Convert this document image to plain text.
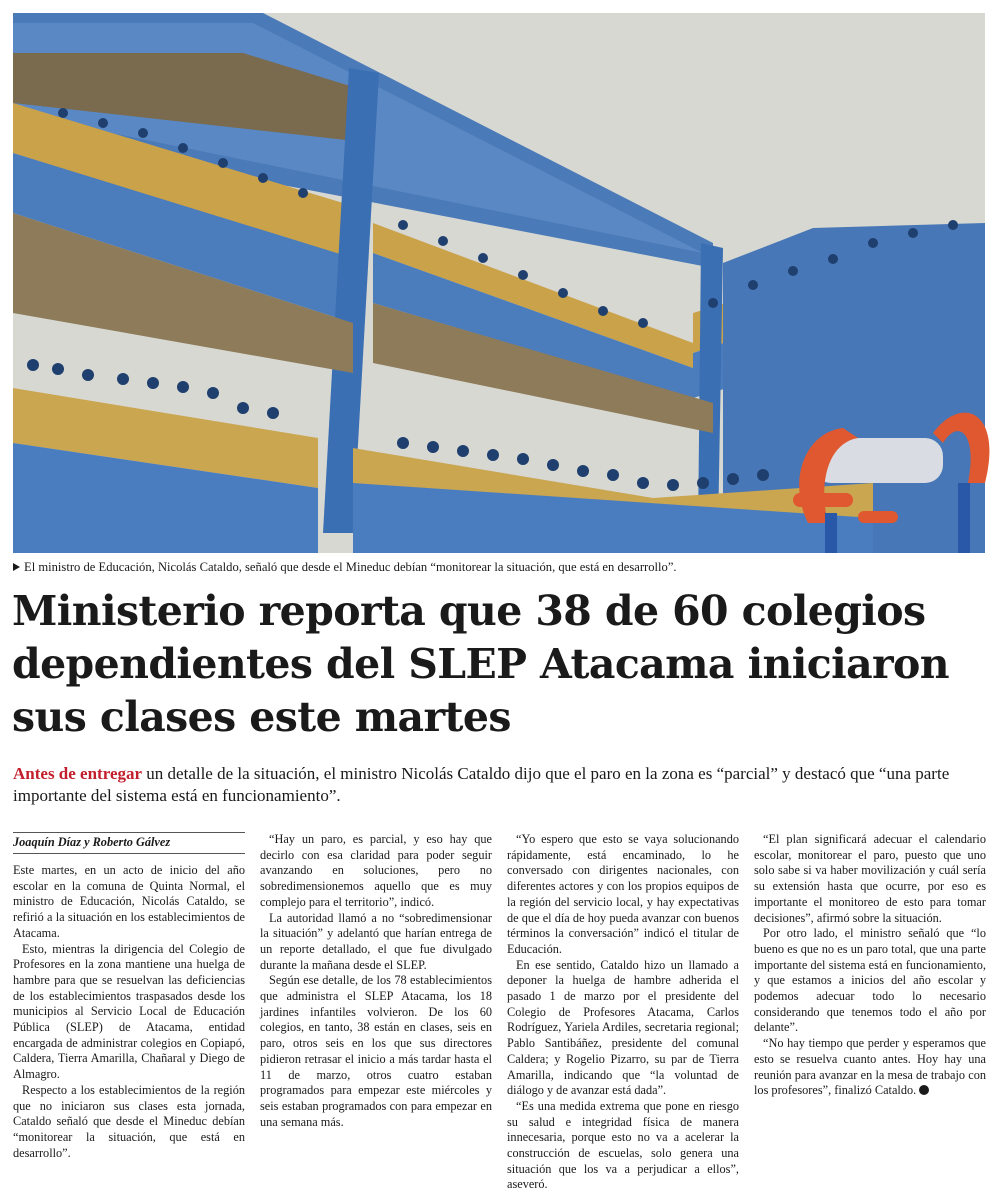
El ministro de Educación, Nicolás Cataldo, señaló que desde el Mineduc debían “monitorear la situación, que está en desarrollo”.
Ministerio reporta que 38 de 60 colegios dependientes del SLEP Atacama iniciaron sus clases este martes
Antes de entregar un detalle de la situación, el ministro Nicolás Cataldo dijo que el paro en la zona es “parcial” y destacó que “una parte importante del sistema está en funcionamiento”.
Joaquín Díaz y Roberto Gálvez

Este martes, en un acto de inicio del año escolar en la comuna de Quinta Normal, el ministro de Educación, Nicolás Cataldo, se refirió a la situación en los establecimientos de Atacama.

Esto, mientras la dirigencia del Colegio de Profesores en la zona mantiene una huelga de hambre para que se resuelvan las deficiencias de los establecimientos traspasados desde los municipios al Servicio Local de Educación Pública (SLEP) de Atacama, entidad encargada de administrar colegios en Copiapó, Caldera, Tierra Amarilla, Chañaral y Diego de Almagro.

Respecto a los establecimientos de la región que no iniciaron sus clases esta jornada, Cataldo señaló que desde el Mineduc debían “monitorear la situación, que está en desarrollo”.

“Hay un paro, es parcial, y eso hay que decirlo con esa claridad para poder seguir avanzando en soluciones, pero no sobredimensionemos aquello que es muy complejo para el territorio”, indicó.

La autoridad llamó a no “sobredimensionar la situación” y adelantó que harían entrega de un reporte detallado, el que fue divulgado durante la mañana desde el SLEP.

Según ese detalle, de los 78 establecimientos que administra el SLEP Atacama, los 18 jardines infantiles volvieron. De los 60 colegios, en tanto, 38 están en clases, seis en paro, otros seis en los que sus directores pidieron retrasar el inicio a más tardar hasta el 11 de marzo, otros cuatro estaban programados para empezar este miércoles y seis estaban programados con para empezar en una semana más.

“Yo espero que esto se vaya solucionando rápidamente, está encaminado, lo he conversado con dirigentes nacionales, con diferentes actores y con los propios equipos de la región del servicio local, y hay expectativas de que el día de hoy pueda avanzar con buenos términos la conversación” indicó el titular de Educación.

En ese sentido, Cataldo hizo un llamado a deponer la huelga de hambre adherida el pasado 1 de marzo por el presidente del Colegio de Profesores Atacama, Carlos Rodríguez, Yariela Ardiles, secretaria regional; Pablo Santibáñez, presidente del comunal Caldera; y Rogelio Pizarro, su par de Tierra Amarilla, indicando que “la voluntad de diálogo y de avanzar está dada”.

“Es una medida extrema que pone en riesgo su salud e integridad física de manera innecesaria, porque esto no va a acelerar la construcción de escuelas, solo genera una situación que los va a perjudicar a ellos”, aseveró.

“El plan significará adecuar el calendario escolar, monitorear el paro, puesto que uno solo sabe si va haber movilización y cuál sería su extensión hasta que ocurre, por eso es importante el monitoreo de esto para tomar decisiones”, afirmó sobre la situación.

Por otro lado, el ministro señaló que “lo bueno es que no es un paro total, que una parte importante del sistema está en funcionamiento, y que estamos a inicios del año escolar y podemos adecuar todo lo necesario considerando que tenemos todo el año por delante”.

“No hay tiempo que perder y esperamos que esto se resuelva cuanto antes. Hoy hay una reunión para avanzar en la mesa de trabajo con los profesores”, finalizó Cataldo.
